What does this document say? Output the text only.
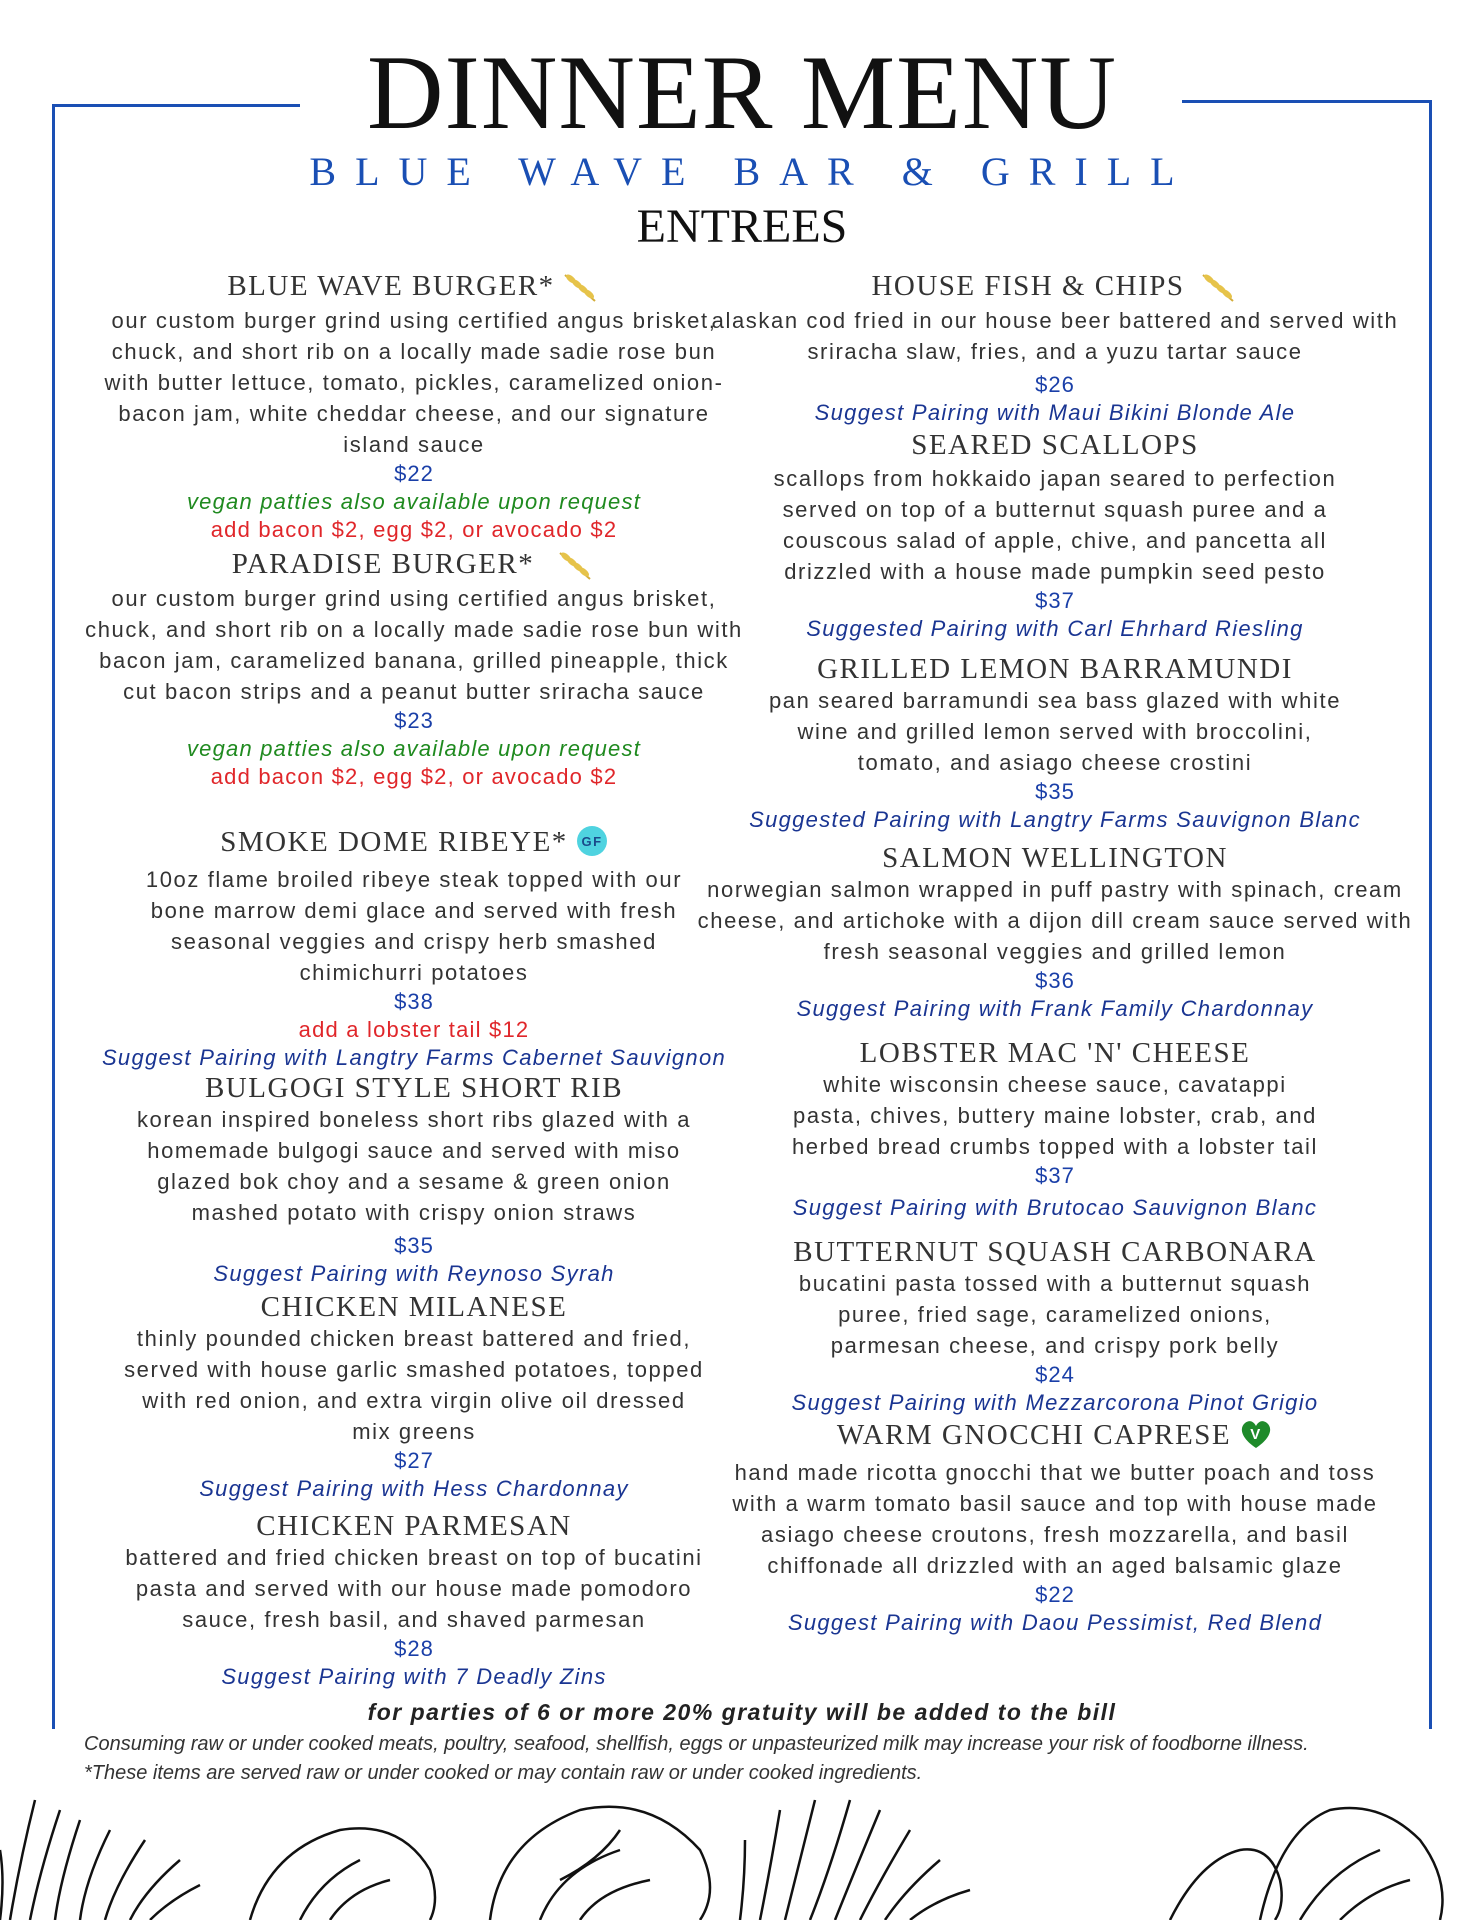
DINNER MENU
BLUE WAVE BAR & GRILL
ENTREES
BLUE WAVE BURGER*
our custom burger grind using certified angus brisket, chuck, and short rib on a locally made sadie rose bun with butter lettuce, tomato, pickles, caramelized onion-bacon jam, white cheddar cheese, and our signature island sauce
$22
vegan patties also available upon request
add bacon $2, egg $2, or avocado $2
PARADISE BURGER*
our custom burger grind using certified angus brisket, chuck, and short rib on a locally made sadie rose bun with bacon jam, caramelized banana, grilled pineapple, thick cut bacon strips and a peanut butter sriracha sauce
$23
vegan patties also available upon request
add bacon $2, egg $2, or avocado $2
SMOKE DOME RIBEYE* GF
10oz flame broiled ribeye steak topped with our bone marrow demi glace and served with fresh seasonal veggies and crispy herb smashed chimichurri potatoes
$38
add a lobster tail $12
Suggest Pairing with Langtry Farms Cabernet Sauvignon
BULGOGI STYLE SHORT RIB
korean inspired boneless short ribs glazed with a homemade bulgogi sauce and served with miso glazed bok choy and a sesame & green onion mashed potato with crispy onion straws
$35
Suggest Pairing with Reynoso Syrah
CHICKEN MILANESE
thinly pounded chicken breast battered and fried, served with house garlic smashed potatoes, topped with red onion, and extra virgin olive oil dressed mix greens
$27
Suggest Pairing with Hess Chardonnay
CHICKEN PARMESAN
battered and fried chicken breast on top of bucatini pasta and served with our house made pomodoro sauce, fresh basil, and shaved parmesan
$28
Suggest Pairing with 7 Deadly Zins
HOUSE FISH & CHIPS
alaskan cod fried in our house beer battered and served with sriracha slaw, fries, and a yuzu tartar sauce
$26
Suggest Pairing with Maui Bikini Blonde Ale
SEARED SCALLOPS
scallops from hokkaido japan seared to perfection served on top of a butternut squash puree and a couscous salad of apple, chive, and pancetta all drizzled with a house made pumpkin seed pesto
$37
Suggested Pairing with Carl Ehrhard Riesling
GRILLED LEMON BARRAMUNDI
pan seared barramundi sea bass glazed with white wine and grilled lemon served with broccolini, tomato, and asiago cheese crostini
$35
Suggested Pairing with Langtry Farms Sauvignon Blanc
SALMON WELLINGTON
norwegian salmon wrapped in puff pastry with spinach, cream cheese, and artichoke with a dijon dill cream sauce served with fresh seasonal veggies and grilled lemon
$36
Suggest Pairing with Frank Family Chardonnay
LOBSTER MAC 'N' CHEESE
white wisconsin cheese sauce, cavatappi pasta, chives, buttery maine lobster, crab, and herbed bread crumbs topped with a lobster tail
$37
Suggest Pairing with Brutocao Sauvignon Blanc
BUTTERNUT SQUASH CARBONARA
bucatini pasta tossed with a butternut squash puree, fried sage, caramelized onions, parmesan cheese, and crispy pork belly
$24
Suggest Pairing with Mezzarcorona Pinot Grigio
WARM GNOCCHI CAPRESE V
hand made ricotta gnocchi that we butter poach and toss with a warm tomato basil sauce and top with house made asiago cheese croutons, fresh mozzarella, and basil chiffonade all drizzled with an aged balsamic glaze
$22
Suggest Pairing with Daou Pessimist, Red Blend
for parties of 6 or more 20% gratuity will be added to the bill
Consuming raw or under cooked meats, poultry, seafood, shellfish, eggs or unpasteurized milk may increase your risk of foodborne illness.
*These items are served raw or under cooked or may contain raw or under cooked ingredients.
